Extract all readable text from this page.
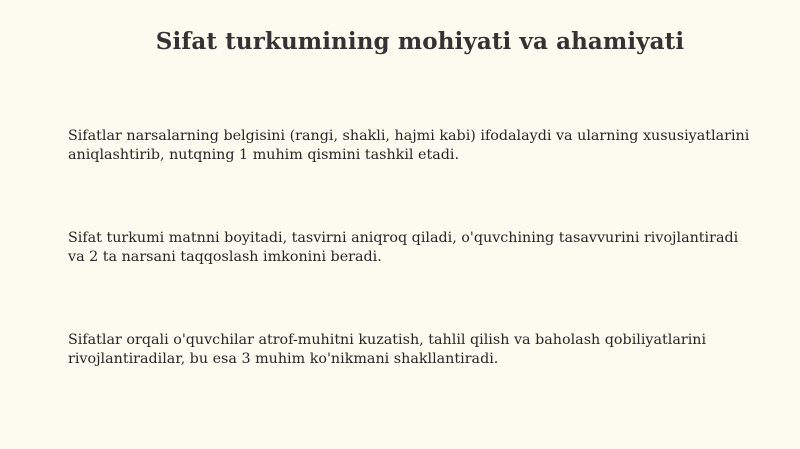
Sifat turkumining mohiyati va ahamiyati

Sifatlar narsalarning belgisini (rangi, shakli, hajmi kabi) ifodalaydi va ularning xususiyatlarini aniqlashtirib, nutqning 1 muhim qismini tashkil etadi.

Sifat turkumi matnni boyitadi, tasvirni aniqroq qiladi, o'quvchining tasavvurini rivojlantiradi va 2 ta narsani taqqoslash imkonini beradi.

Sifatlar orqali o'quvchilar atrof-muhitni kuzatish, tahlil qilish va baholash qobiliyatlarini rivojlantiradilar, bu esa 3 muhim ko'nikmani shakllantiradi.
